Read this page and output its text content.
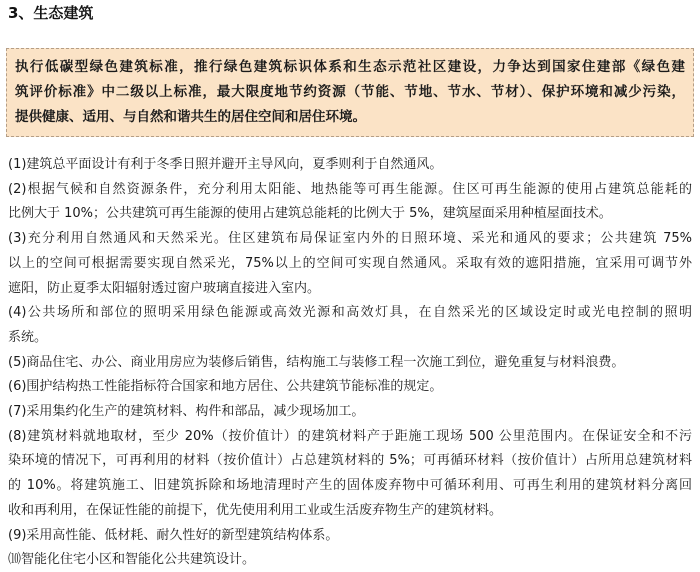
3、生态建筑
执行低碳型绿色建筑标准，推行绿色建筑标识体系和生态示范社区建设，力争达到国家住建部《绿色建
筑评价标准》中二级以上标准，最大限度地节约资源（节能、节地、节水、节材）、保护环境和减少污染，
提供健康、适用、与自然和谐共生的居住空间和居住环境。
(1)建筑总平面设计有利于冬季日照并避开主导风向，夏季则利于自然通风。
(2)根据气候和自然资源条件，充分利用太阳能、地热能等可再生能源。住区可再生能源的使用占建筑总能耗的
比例大于 10%；公共建筑可再生能源的使用占建筑总能耗的比例大于 5%，建筑屋面采用种植屋面技术。
(3)充分利用自然通风和天然采光。住区建筑布局保证室内外的日照环境、采光和通风的要求；公共建筑 75%
以上的空间可根据需要实现自然采光，75%以上的空间可实现自然通风。采取有效的遮阳措施，宜采用可调节外
遮阳，防止夏季太阳辐射透过窗户玻璃直接进入室内。
(4)公共场所和部位的照明采用绿色能源或高效光源和高效灯具，在自然采光的区域设定时或光电控制的照明
系统。
(5)商品住宅、办公、商业用房应为装修后销售，结构施工与装修工程一次施工到位，避免重复与材料浪费。
(6)围护结构热工性能指标符合国家和地方居住、公共建筑节能标准的规定。
(7)采用集约化生产的建筑材料、构件和部品，减少现场加工。
(8)建筑材料就地取材，至少 20%（按价值计）的建筑材料产于距施工现场 500 公里范围内。在保证安全和不污
染环境的情况下，可再利用的材料（按价值计）占总建筑材料的 5%；可再循环材料（按价值计）占所用总建筑材料
的 10%。将建筑施工、旧建筑拆除和场地清理时产生的固体废弃物中可循环利用、可再生利用的建筑材料分离回
收和再利用，在保证性能的前提下，优先使用利用工业或生活废弃物生产的建筑材料。
(9)采用高性能、低材耗、耐久性好的新型建筑结构体系。
⑽智能化住宅小区和智能化公共建筑设计。
